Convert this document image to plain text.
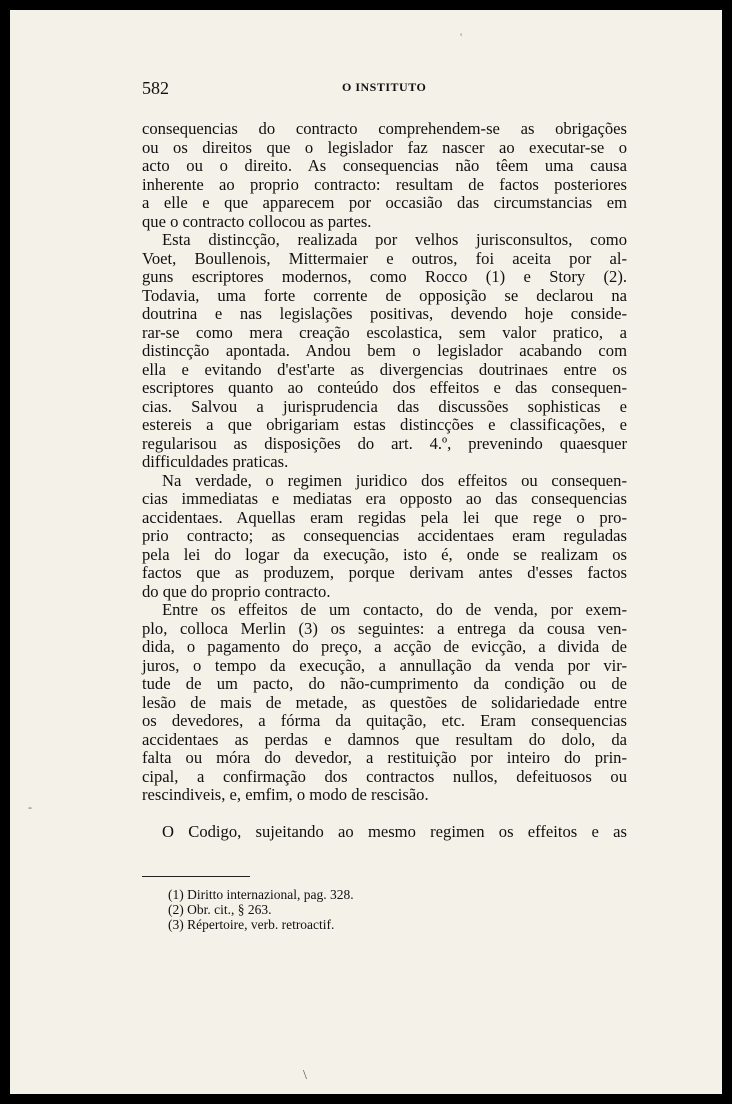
582	O INSTITUTO
'
-
\
consequencias do contracto comprehendem-se as obrigações
ou os direitos que o legislador faz nascer ao executar-se o
acto ou o direito. As consequencias não têem uma causa
inherente ao proprio contracto: resultam de factos posteriores
a elle e que apparecem por occasião das circumstancias em
que o contracto collocou as partes.
Esta distincção, realizada por velhos jurisconsultos, como
Voet, Boullenois, Mittermaier e outros, foi aceita por al-
guns escriptores modernos, como Rocco (1) e Story (2).
Todavia, uma forte corrente de opposição se declarou na
doutrina e nas legislações positivas, devendo hoje conside-
rar-se como mera creação escolastica, sem valor pratico, a
distincção apontada. Andou bem o legislador acabando com
ella e evitando d'est'arte as divergencias doutrinaes entre os
escriptores quanto ao conteúdo dos effeitos e das consequen-
cias. Salvou a jurisprudencia das discussões sophisticas e
estereis a que obrigariam estas distincções e classificações, e
regularisou as disposições do art. 4.º, prevenindo quaesquer
difficuldades praticas.
Na verdade, o regimen juridico dos effeitos ou consequen-
cias immediatas e mediatas era opposto ao das consequencias
accidentaes. Aquellas eram regidas pela lei que rege o pro-
prio contracto; as consequencias accidentaes eram reguladas
pela lei do logar da execução, isto é, onde se realizam os
factos que as produzem, porque derivam antes d'esses factos
do que do proprio contracto.
Entre os effeitos de um contacto, do de venda, por exem-
plo, colloca Merlin (3) os seguintes: a entrega da cousa ven-
dida, o pagamento do preço, a acção de evicção, a divida de
juros, o tempo da execução, a annullação da venda por vir-
tude de um pacto, do não-cumprimento da condição ou de
lesão de mais de metade, as questões de solidariedade entre
os devedores, a fórma da quitação, etc. Eram consequencias
accidentaes as perdas e damnos que resultam do dolo, da
falta ou móra do devedor, a restituição por inteiro do prin-
cipal, a confirmação dos contractos nullos, defeituosos ou
rescindiveis, e, emfim, o modo de rescisão.
O Codigo, sujeitando ao mesmo regimen os effeitos e as
(1) Diritto internazional, pag. 328.
(2) Obr. cit., § 263.
(3) Répertoire, verb. retroactif.
